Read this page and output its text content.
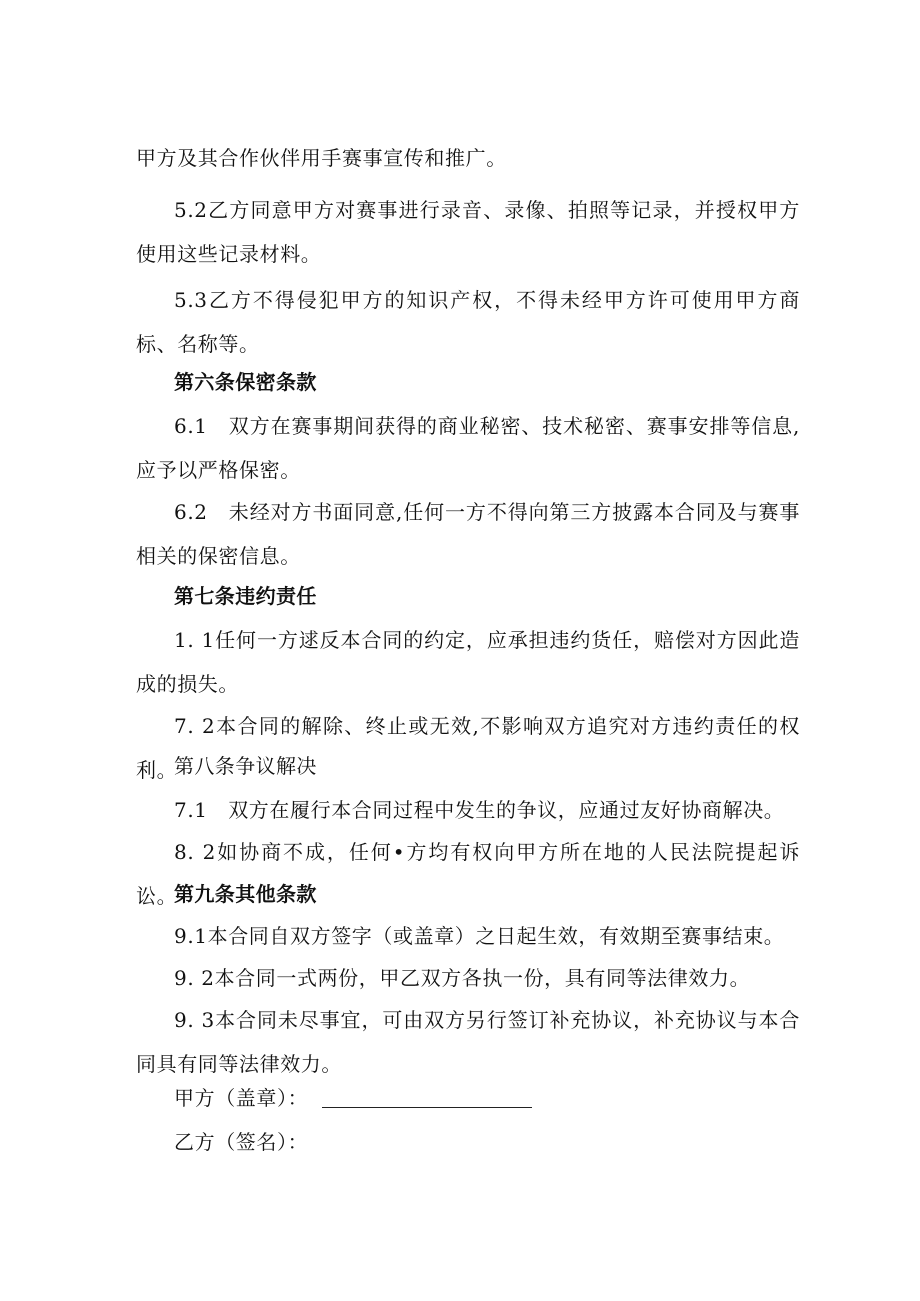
甲方及其合作伙伴用手赛事宣传和推广。
5.2乙方同意甲方对赛事进行录音、录像、拍照等记录，并授权甲方使用这些记录材料。
5.3乙方不得侵犯甲方的知识产权，不得未经甲方许可使用甲方商标、名称等。
第六条保密条款
6.1　双方在赛事期间获得的商业秘密、技术秘密、赛事安排等信息,应予以严格保密。
6.2　未经对方书面同意,任何一方不得向第三方披露本合同及与赛事相关的保密信息。
第七条违约责任
1. 1任何一方逑反本合同的约定，应承担违约货任，赔偿对方因此造成的损失。
7. 2本合同的解除、终止或无效,不影响双方追究对方违约责任的权利。
第八条争议解决
7.1　双方在履行本合同过程中发生的争议，应通过友好协商解决。
8. 2如协商不成，任何•方均有权向甲方所在地的人民法院提起诉讼。
第九条其他条款
9.1本合同自双方签字（或盖章）之日起生效，有效期至赛事结束。
9. 2本合同一式两份，甲乙双方各执一份，具有同等法律效力。
9. 3本合同未尽事宜，可由双方另行签订补充协议，补充协议与本合同具有同等法律效力。
甲方（盖章）：
乙方（签名）：
